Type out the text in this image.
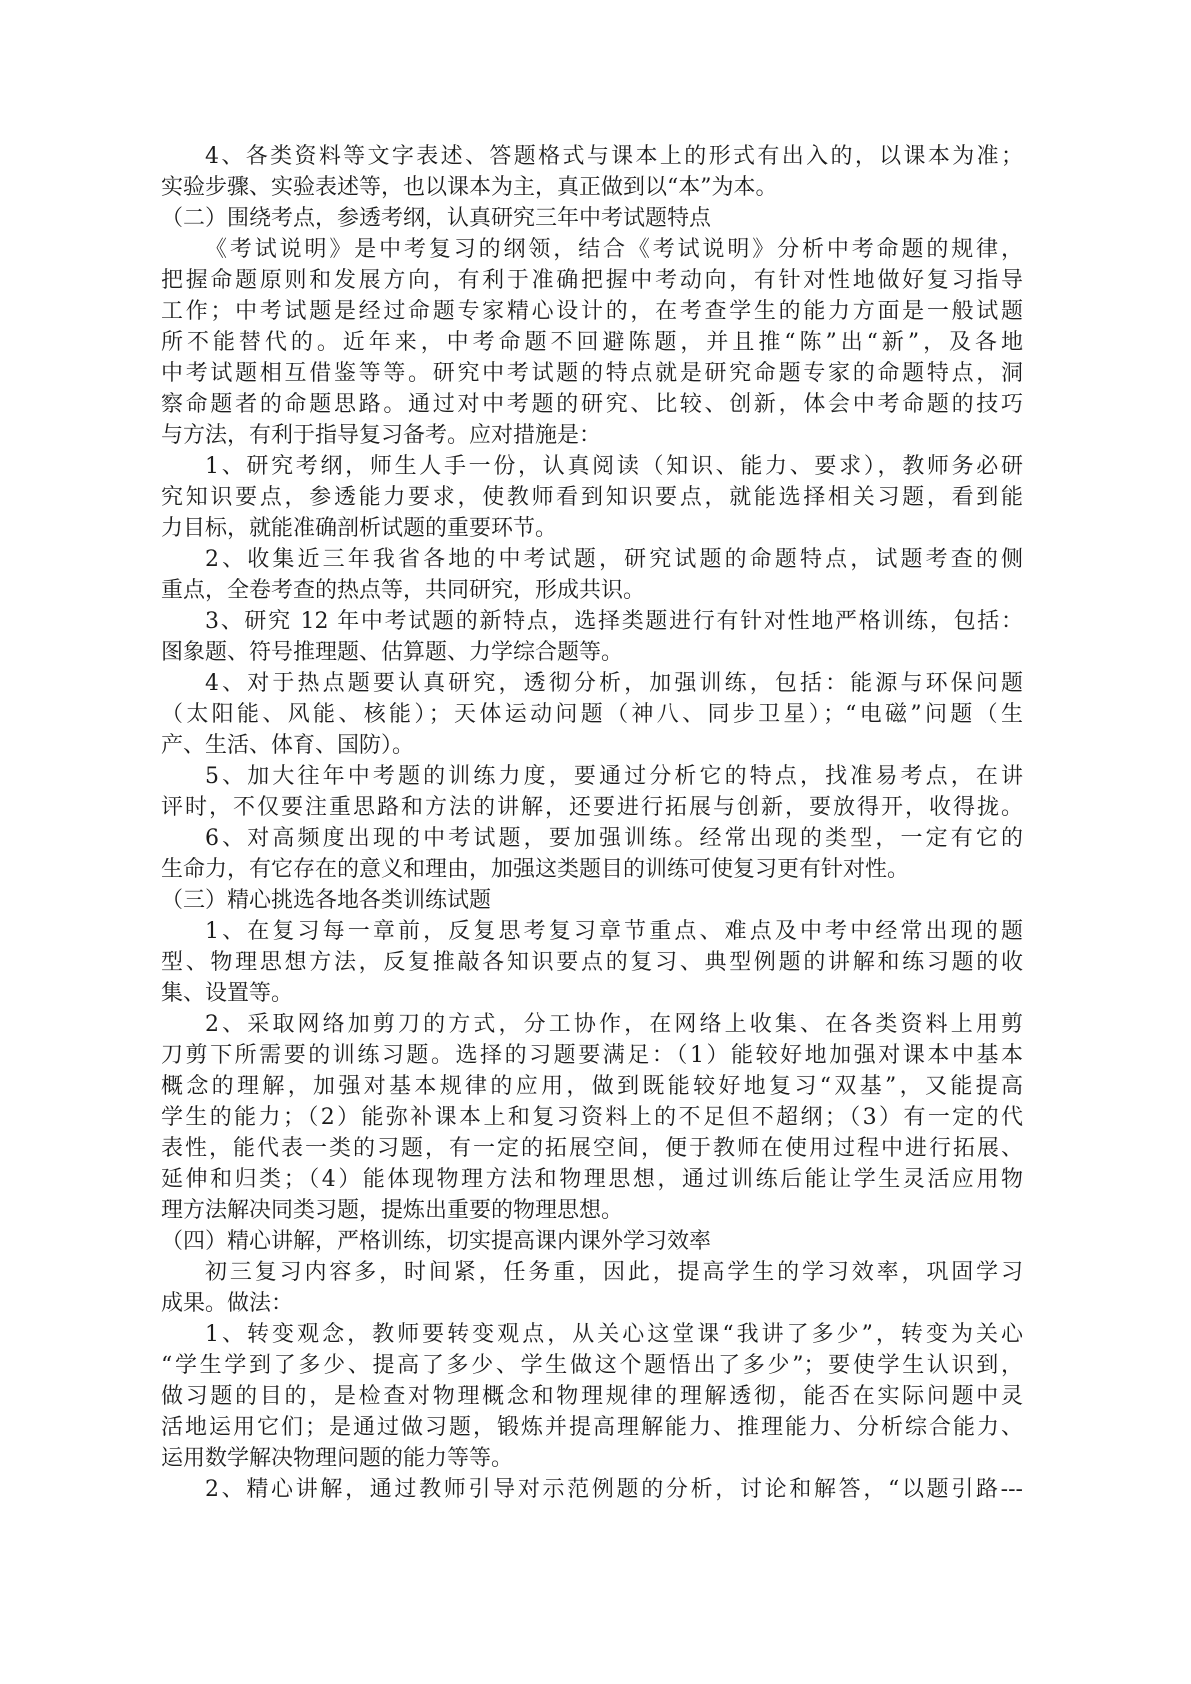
4、各类资料等文字表述、答题格式与课本上的形式有出入的，以课本为准；
实验步骤、实验表述等，也以课本为主，真正做到以“本”为本。
（二）围绕考点，参透考纲，认真研究三年中考试题特点
《考试说明》是中考复习的纲领，结合《考试说明》分析中考命题的规律，
把握命题原则和发展方向，有利于准确把握中考动向，有针对性地做好复习指导
工作；中考试题是经过命题专家精心设计的，在考查学生的能力方面是一般试题
所不能替代的。近年来，中考命题不回避陈题，并且推“陈”出“新”，及各地
中考试题相互借鉴等等。研究中考试题的特点就是研究命题专家的命题特点，洞
察命题者的命题思路。通过对中考题的研究、比较、创新，体会中考命题的技巧
与方法，有利于指导复习备考。应对措施是：
1、研究考纲，师生人手一份，认真阅读（知识、能力、要求），教师务必研
究知识要点，参透能力要求，使教师看到知识要点，就能选择相关习题，看到能
力目标，就能准确剖析试题的重要环节。
2、收集近三年我省各地的中考试题，研究试题的命题特点，试题考查的侧
重点，全卷考查的热点等，共同研究，形成共识。
3、研究 12 年中考试题的新特点，选择类题进行有针对性地严格训练，包括：
图象题、符号推理题、估算题、力学综合题等。
4、对于热点题要认真研究，透彻分析，加强训练，包括：能源与环保问题
（太阳能、风能、核能）；天体运动问题（神八、同步卫星）；“电磁”问题（生
产、生活、体育、国防）。
5、加大往年中考题的训练力度，要通过分析它的特点，找准易考点，在讲
评时，不仅要注重思路和方法的讲解，还要进行拓展与创新，要放得开，收得拢。
6、对高频度出现的中考试题，要加强训练。经常出现的类型，一定有它的
生命力，有它存在的意义和理由，加强这类题目的训练可使复习更有针对性。
（三）精心挑选各地各类训练试题
1、在复习每一章前，反复思考复习章节重点、难点及中考中经常出现的题
型、物理思想方法，反复推敲各知识要点的复习、典型例题的讲解和练习题的收
集、设置等。
2、采取网络加剪刀的方式，分工协作，在网络上收集、在各类资料上用剪
刀剪下所需要的训练习题。选择的习题要满足：（1）能较好地加强对课本中基本
概念的理解，加强对基本规律的应用，做到既能较好地复习“双基”，又能提高
学生的能力；（2）能弥补课本上和复习资料上的不足但不超纲；（3）有一定的代
表性，能代表一类的习题，有一定的拓展空间，便于教师在使用过程中进行拓展、
延伸和归类；（4）能体现物理方法和物理思想，通过训练后能让学生灵活应用物
理方法解决同类习题，提炼出重要的物理思想。
（四）精心讲解，严格训练，切实提高课内课外学习效率
初三复习内容多，时间紧，任务重，因此，提高学生的学习效率，巩固学习
成果。做法：
1、转变观念，教师要转变观点，从关心这堂课“我讲了多少”，转变为关心
“学生学到了多少、提高了多少、学生做这个题悟出了多少”；要使学生认识到，
做习题的目的，是检查对物理概念和物理规律的理解透彻，能否在实际问题中灵
活地运用它们；是通过做习题，锻炼并提高理解能力、推理能力、分析综合能力、
运用数学解决物理问题的能力等等。
2、精心讲解，通过教师引导对示范例题的分析，讨论和解答，“以题引路---
